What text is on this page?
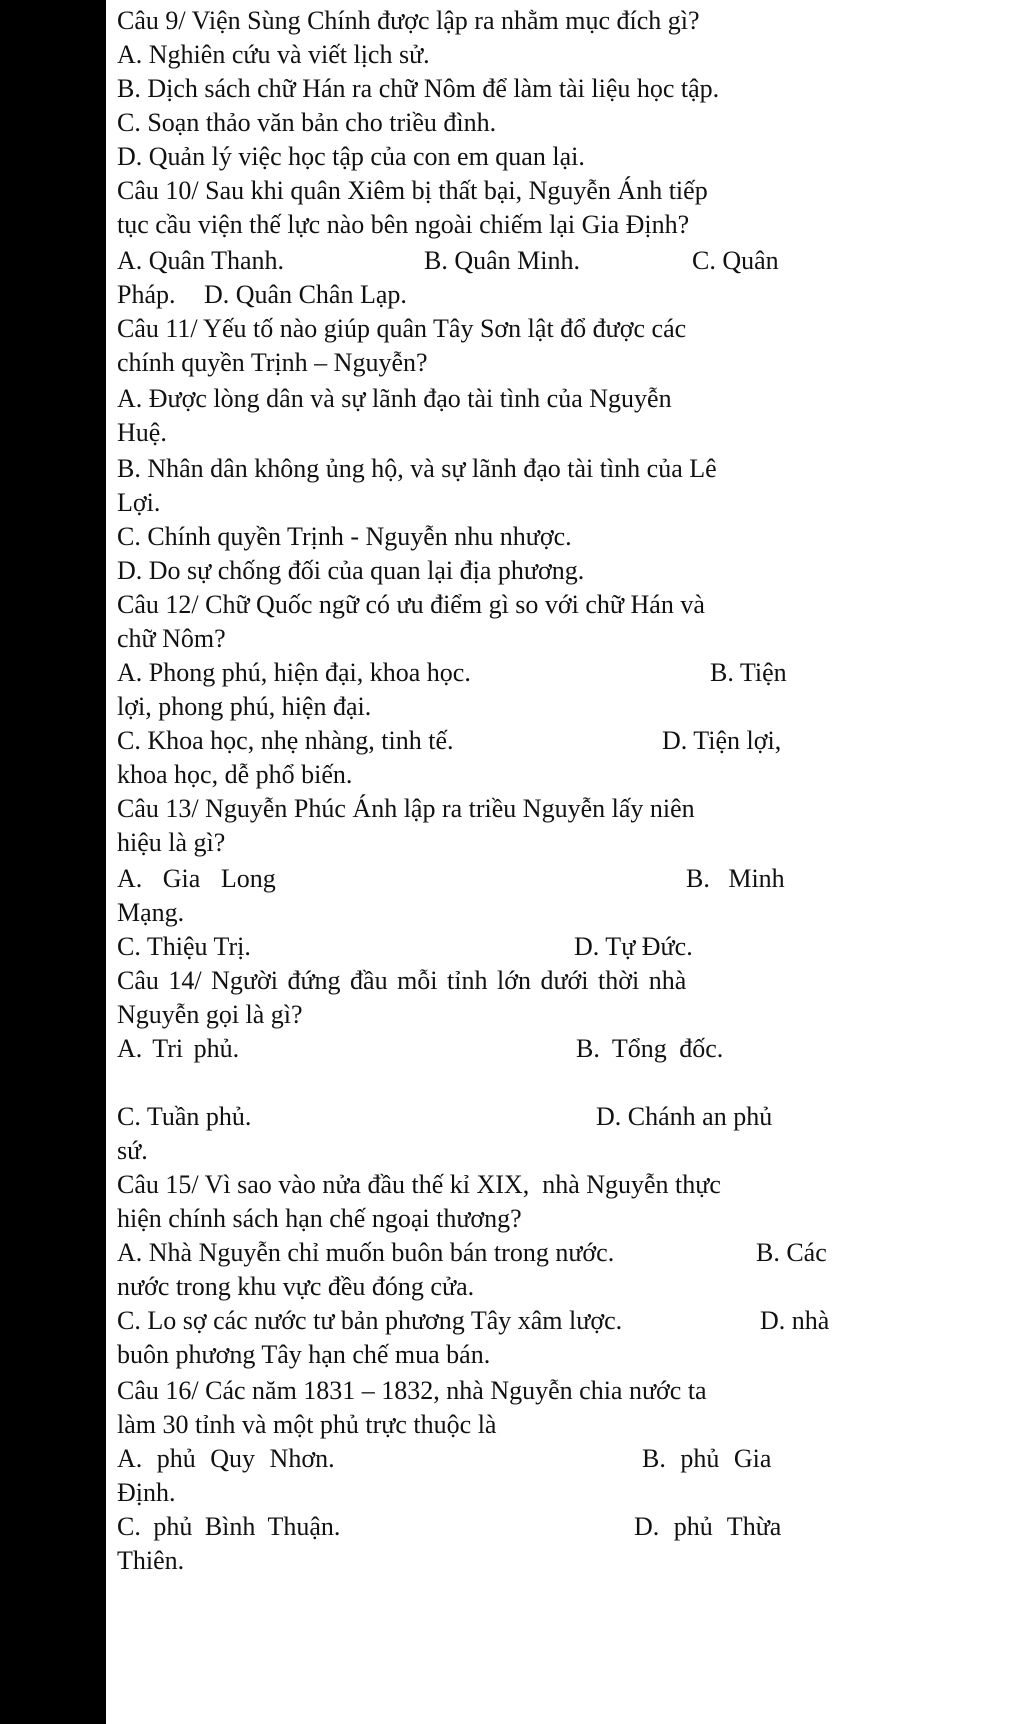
Câu 9/ Viện Sùng Chính được lập ra nhằm mục đích gì?
A. Nghiên cứu và viết lịch sử.
B. Dịch sách chữ Hán ra chữ Nôm để làm tài liệu học tập.
C. Soạn thảo văn bản cho triều đình.
D. Quản lý việc học tập của con em quan lại.
Câu 10/ Sau khi quân Xiêm bị thất bại, Nguyễn Ánh tiếp
tục cầu viện thế lực nào bên ngoài chiếm lại Gia Định?
A. Quân Thanh.	B. Quân Minh.	C. Quân
Pháp. D. Quân Chân Lạp.
Câu 11/ Yếu tố nào giúp quân Tây Sơn lật đổ được các
chính quyền Trịnh – Nguyễn?
A. Được lòng dân và sự lãnh đạo tài tình của Nguyễn
Huệ.
B. Nhân dân không ủng hộ, và sự lãnh đạo tài tình của Lê
Lợi.
C. Chính quyền Trịnh - Nguyễn nhu nhược.
D. Do sự chống đối của quan lại địa phương.
Câu 12/ Chữ Quốc ngữ có ưu điểm gì so với chữ Hán và
chữ Nôm?
A. Phong phú, hiện đại, khoa học.	B. Tiện
lợi, phong phú, hiện đại.
C. Khoa học, nhẹ nhàng, tinh tế.	D. Tiện lợi,
khoa học, dễ phổ biến.
Câu 13/ Nguyễn Phúc Ánh lập ra triều Nguyễn lấy niên
hiệu là gì?
A. Gia Long	B. Minh
Mạng.
C. Thiệu Trị.	D. Tự Đức.
Câu 14/ Người đứng đầu mỗi tỉnh lớn dưới thời nhà
Nguyễn gọi là gì?
A. Tri phủ.	B. Tổng đốc.
C. Tuần phủ.	D. Chánh an phủ
sứ.
Câu 15/ Vì sao vào nửa đầu thế kỉ XIX,  nhà Nguyễn thực
hiện chính sách hạn chế ngoại thương?
A. Nhà Nguyễn chỉ muốn buôn bán trong nước.	B. Các
nước trong khu vực đều đóng cửa.
C. Lo sợ các nước tư bản phương Tây xâm lược.	D. nhà
buôn phương Tây hạn chế mua bán.
Câu 16/ Các năm 1831 – 1832, nhà Nguyễn chia nước ta
làm 30 tỉnh và một phủ trực thuộc là
A. phủ Quy Nhơn.	B. phủ Gia
Định.
C. phủ Bình Thuận.	D. phủ Thừa
Thiên.
